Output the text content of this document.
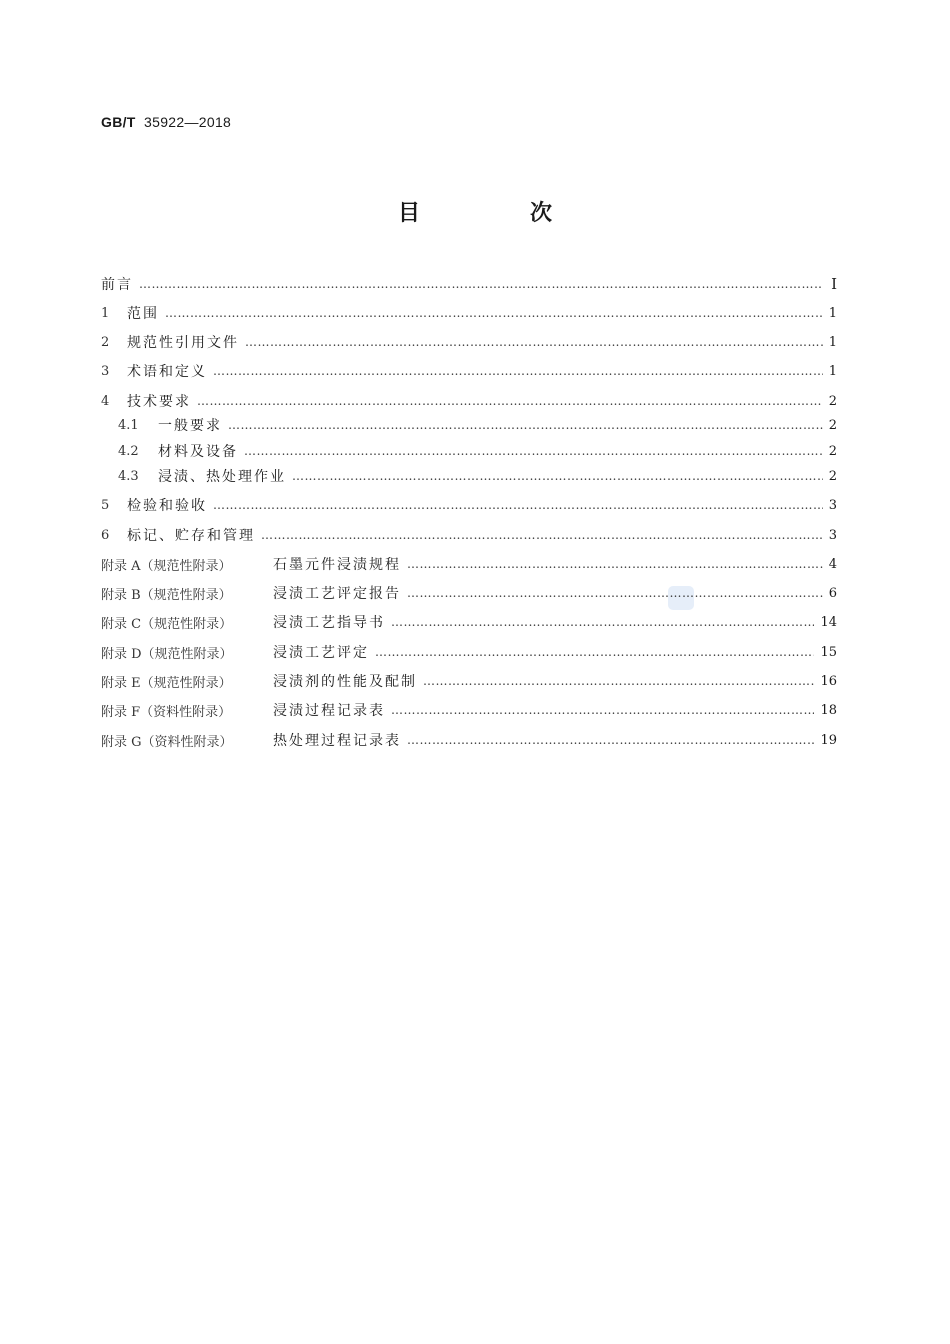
GB/T 35922—2018
目　次
前言 ………………………………………………………………………………………………………………………………………………………………………………………………………………………………………………	Ⅰ
1	范围 ………………………………………………………………………………………………………………………………………………………………………………………………………………………………………………	1
2	规范性引用文件 ………………………………………………………………………………………………………………………………………………………………………………………………………………………………………………	1
3	术语和定义 ………………………………………………………………………………………………………………………………………………………………………………………………………………………………………………	1
4	技术要求 ………………………………………………………………………………………………………………………………………………………………………………………………………………………………………………	2
4.1	一般要求 ………………………………………………………………………………………………………………………………………………………………………………………………………………………………………………	2
4.2	材料及设备 ………………………………………………………………………………………………………………………………………………………………………………………………………………………………………………	2
4.3	浸渍、热处理作业 ………………………………………………………………………………………………………………………………………………………………………………………………………………………………………………	2
5	检验和验收 ………………………………………………………………………………………………………………………………………………………………………………………………………………………………………………	3
6	标记、贮存和管理 ………………………………………………………………………………………………………………………………………………………………………………………………………………………………………………	3
附录 A（规范性附录）	石墨元件浸渍规程 ………………………………………………………………………………………………………………………………………………………………………………………………………………………………………………	4
附录 B（规范性附录）	浸渍工艺评定报告 ………………………………………………………………………………………………………………………………………………………………………………………………………………………………………………	6
附录 C（规范性附录）	浸渍工艺指导书 ………………………………………………………………………………………………………………………………………………………………………………………………………………………………………………	14
附录 D（规范性附录）	浸渍工艺评定 ………………………………………………………………………………………………………………………………………………………………………………………………………………………………………………	15
附录 E（规范性附录）	浸渍剂的性能及配制 ………………………………………………………………………………………………………………………………………………………………………………………………………………………………………………	16
附录 F（资料性附录）	浸渍过程记录表 ………………………………………………………………………………………………………………………………………………………………………………………………………………………………………………	18
附录 G（资料性附录）	热处理过程记录表 ………………………………………………………………………………………………………………………………………………………………………………………………………………………………………………	19
